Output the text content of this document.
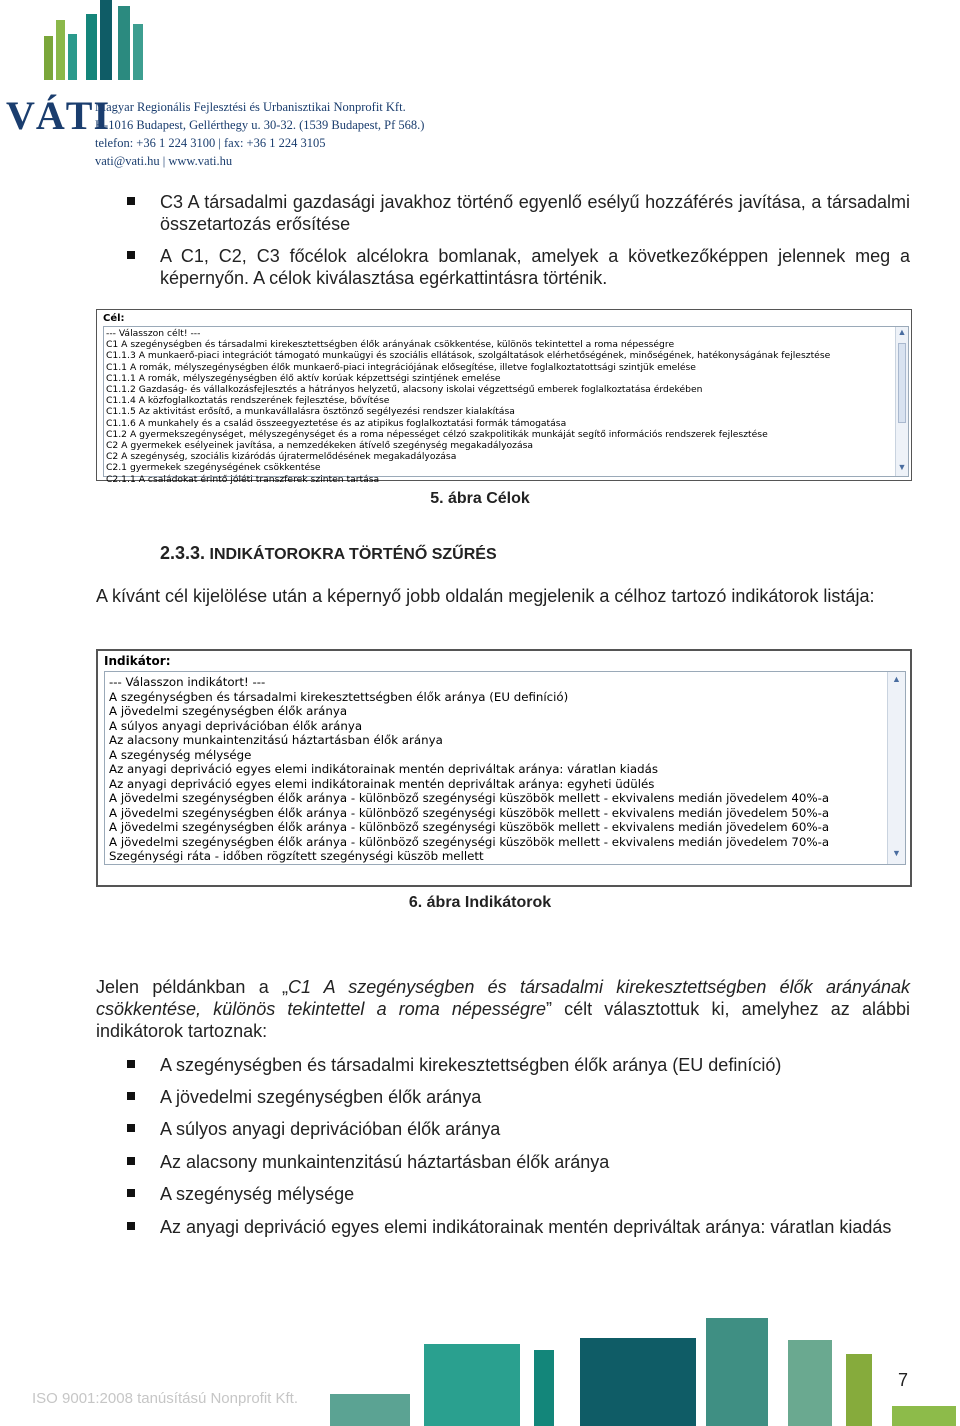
VÁTI
Magyar Regionális Fejlesztési és Urbanisztikai Nonprofit Kft.
H-1016 Budapest, Gellérthegy u. 30-32. (1539 Budapest, Pf 568.)
telefon: +36 1 224 3100 | fax: +36 1 224 3105
vati@vati.hu | www.vati.hu
C3 A társadalmi gazdasági javakhoz történő egyenlő esélyű hozzáférés javítása, a társadalmi összetartozás erősítése
A C1, C2, C3 főcélok alcélokra bomlanak, amelyek a következőképpen jelennek meg a képernyőn. A célok kiválasztása egérkattintásra történik.
Cél:
--- Válasszon célt! ---
C1 A szegénységben és társadalmi kirekesztettségben élők arányának csökkentése, különös tekintettel a roma népességre
C1.1.3 A munkaerő-piaci integrációt támogató munkaügyi és szociális ellátások, szolgáltatások elérhetőségének, minőségének, hatékonyságának fejlesztése
C1.1 A romák, mélyszegénységben élők munkaerő-piaci integrációjának elősegítése, illetve foglalkoztatottsági szintjük emelése
C1.1.1 A romák, mélyszegénységben élő aktív korúak képzettségi szintjének emelése
C1.1.2 Gazdaság- és vállalkozásfejlesztés a hátrányos helyzetű, alacsony iskolai végzettségű emberek foglalkoztatása érdekében
C1.1.4 A közfoglalkoztatás rendszerének fejlesztése, bővítése
C1.1.5 Az aktivitást erősítő, a munkavállalásra ösztönző segélyezési rendszer kialakítása
C1.1.6 A munkahely és a család összeegyeztetése és az atipikus foglalkoztatási formák támogatása
C1.2 A gyermekszegénységet, mélyszegénységet és a roma népességet célzó szakpolitikák munkáját segítő információs rendszerek fejlesztése
C2 A gyermekek esélyeinek javítása, a nemzedékeken átívelő szegénység megakadályozása
C2 A szegénység, szociális kizáródás újratermelődésének megakadályozása
C2.1 gyermekek szegénységének csökkentése
C2.1.1 A családokat érintő jóléti transzferek szinten tartása
▲
▼
5. ábra Célok
2.3.3. INDIKÁTOROKRA TÖRTÉNŐ SZŰRÉS
A kívánt cél kijelölése után a képernyő jobb oldalán megjelenik a célhoz tartozó indikátorok listája:
Indikátor:
--- Válasszon indikátort! ---
A szegénységben és társadalmi kirekesztettségben élők aránya (EU definíció)
A jövedelmi szegénységben élők aránya
A súlyos anyagi deprivációban élők aránya
Az alacsony munkaintenzitású háztartásban élők aránya
A szegénység mélysége
Az anyagi depriváció egyes elemi indikátorainak mentén depriváltak aránya: váratlan kiadás
Az anyagi depriváció egyes elemi indikátorainak mentén depriváltak aránya: egyheti üdülés
A jövedelmi szegénységben élők aránya - különböző szegénységi küszöbök mellett - ekvivalens medián jövedelem 40%-a
A jövedelmi szegénységben élők aránya - különböző szegénységi küszöbök mellett - ekvivalens medián jövedelem 50%-a
A jövedelmi szegénységben élők aránya - különböző szegénységi küszöbök mellett - ekvivalens medián jövedelem 60%-a
A jövedelmi szegénységben élők aránya - különböző szegénységi küszöbök mellett - ekvivalens medián jövedelem 70%-a
Szegénységi ráta - időben rögzített szegénységi küszöb mellett
▲
▼
6. ábra Indikátorok
Jelen példánkban a „C1 A szegénységben és társadalmi kirekesztettségben élők arányának csökkentése, különös tekintettel a roma népességre” célt választottuk ki, amelyhez az alábbi indikátorok tartoznak:
A szegénységben és társadalmi kirekesztettségben élők aránya (EU definíció)
A jövedelmi szegénységben élők aránya
A súlyos anyagi deprivációban élők aránya
Az alacsony munkaintenzitású háztartásban élők aránya
A szegénység mélysége
Az anyagi depriváció egyes elemi indikátorainak mentén depriváltak aránya: váratlan kiadás
ISO 9001:2008 tanúsítású Nonprofit Kft.
7
